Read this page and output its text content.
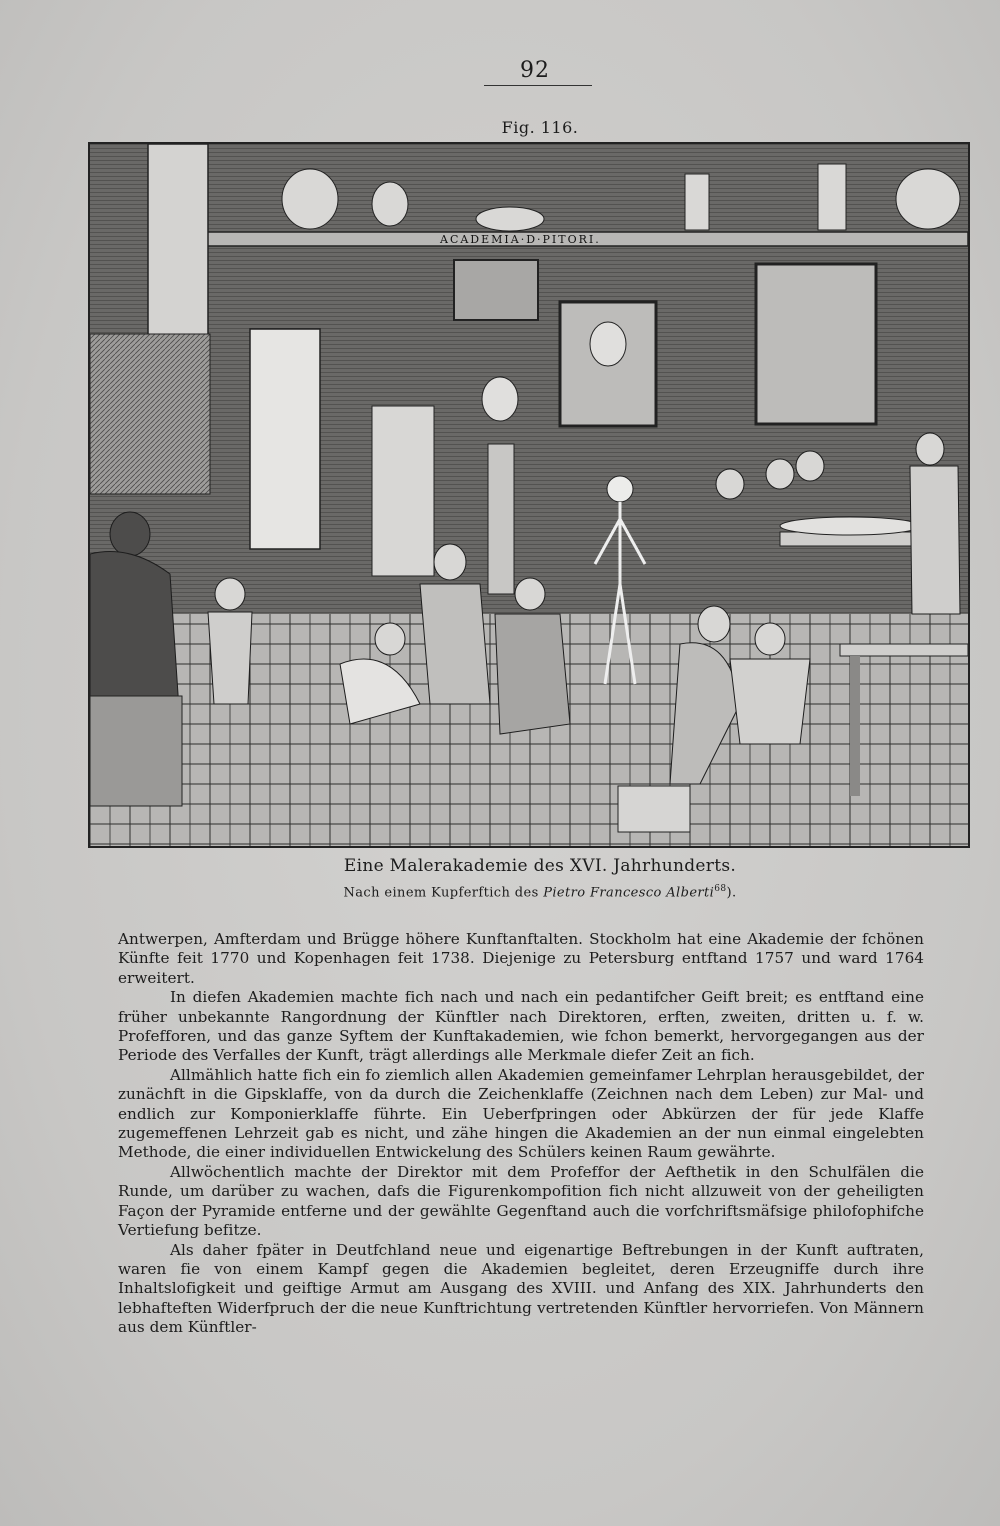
92
Fig. 116.
ACADEMIA·D·PITORI.
Eine Malerakademie des XVI. Jahrhunderts.
Nach einem Kupferftich des Pietro Francesco Alberti$^{68}$).

Antwerpen, Amfterdam und Brügge höhere Kunftanftalten. Stockholm hat eine Akademie der fchönen Künfte feit 1770 und Kopenhagen feit 1738. Diejenige zu Petersburg entftand 1757 und ward 1764 erweitert.

In diefen Akademien machte fich nach und nach ein pedantifcher Geift breit; es entftand eine früher unbekannte Rangordnung der Künftler nach Direktoren, erften, zweiten, dritten u. f. w. Profefforen, und das ganze Syftem der Kunftakademien, wie fchon bemerkt, hervorgegangen aus der Periode des Verfalles der Kunft, trägt allerdings alle Merkmale diefer Zeit an fich.

Allmählich hatte fich ein fo ziemlich allen Akademien gemeinfamer Lehrplan herausgebildet, der zunächft in die Gipsklaffe, von da durch die Zeichenklaffe (Zeichnen nach dem Leben) zur Mal- und endlich zur Komponierklaffe führte. Ein Ueberfpringen oder Abkürzen der für jede Klaffe zugemeffenen Lehrzeit gab es nicht, und zähe hingen die Akademien an der nun einmal eingelebten Methode, die einer individuellen Entwickelung des Schülers keinen Raum gewährte.

Allwöchentlich machte der Direktor mit dem Profeffor der Aefthetik in den Schulfälen die Runde, um darüber zu wachen, dafs die Figurenkompofition fich nicht allzuweit von der geheiligten Façon der Pyramide entferne und der gewählte Gegenftand auch die vorfchriftsmäfsige philofophifche Vertiefung befitze.

Als daher fpäter in Deutfchland neue und eigenartige Beftrebungen in der Kunft auftraten, waren fie von einem Kampf gegen die Akademien begleitet, deren Erzeugniffe durch ihre Inhaltslofigkeit und geiftige Armut am Ausgang des XVIII. und Anfang des XIX. Jahrhunderts den lebhafteften Widerfpruch der die neue Kunftrichtung vertretenden Künftler hervorriefen. Von Männern aus dem Künftler-
